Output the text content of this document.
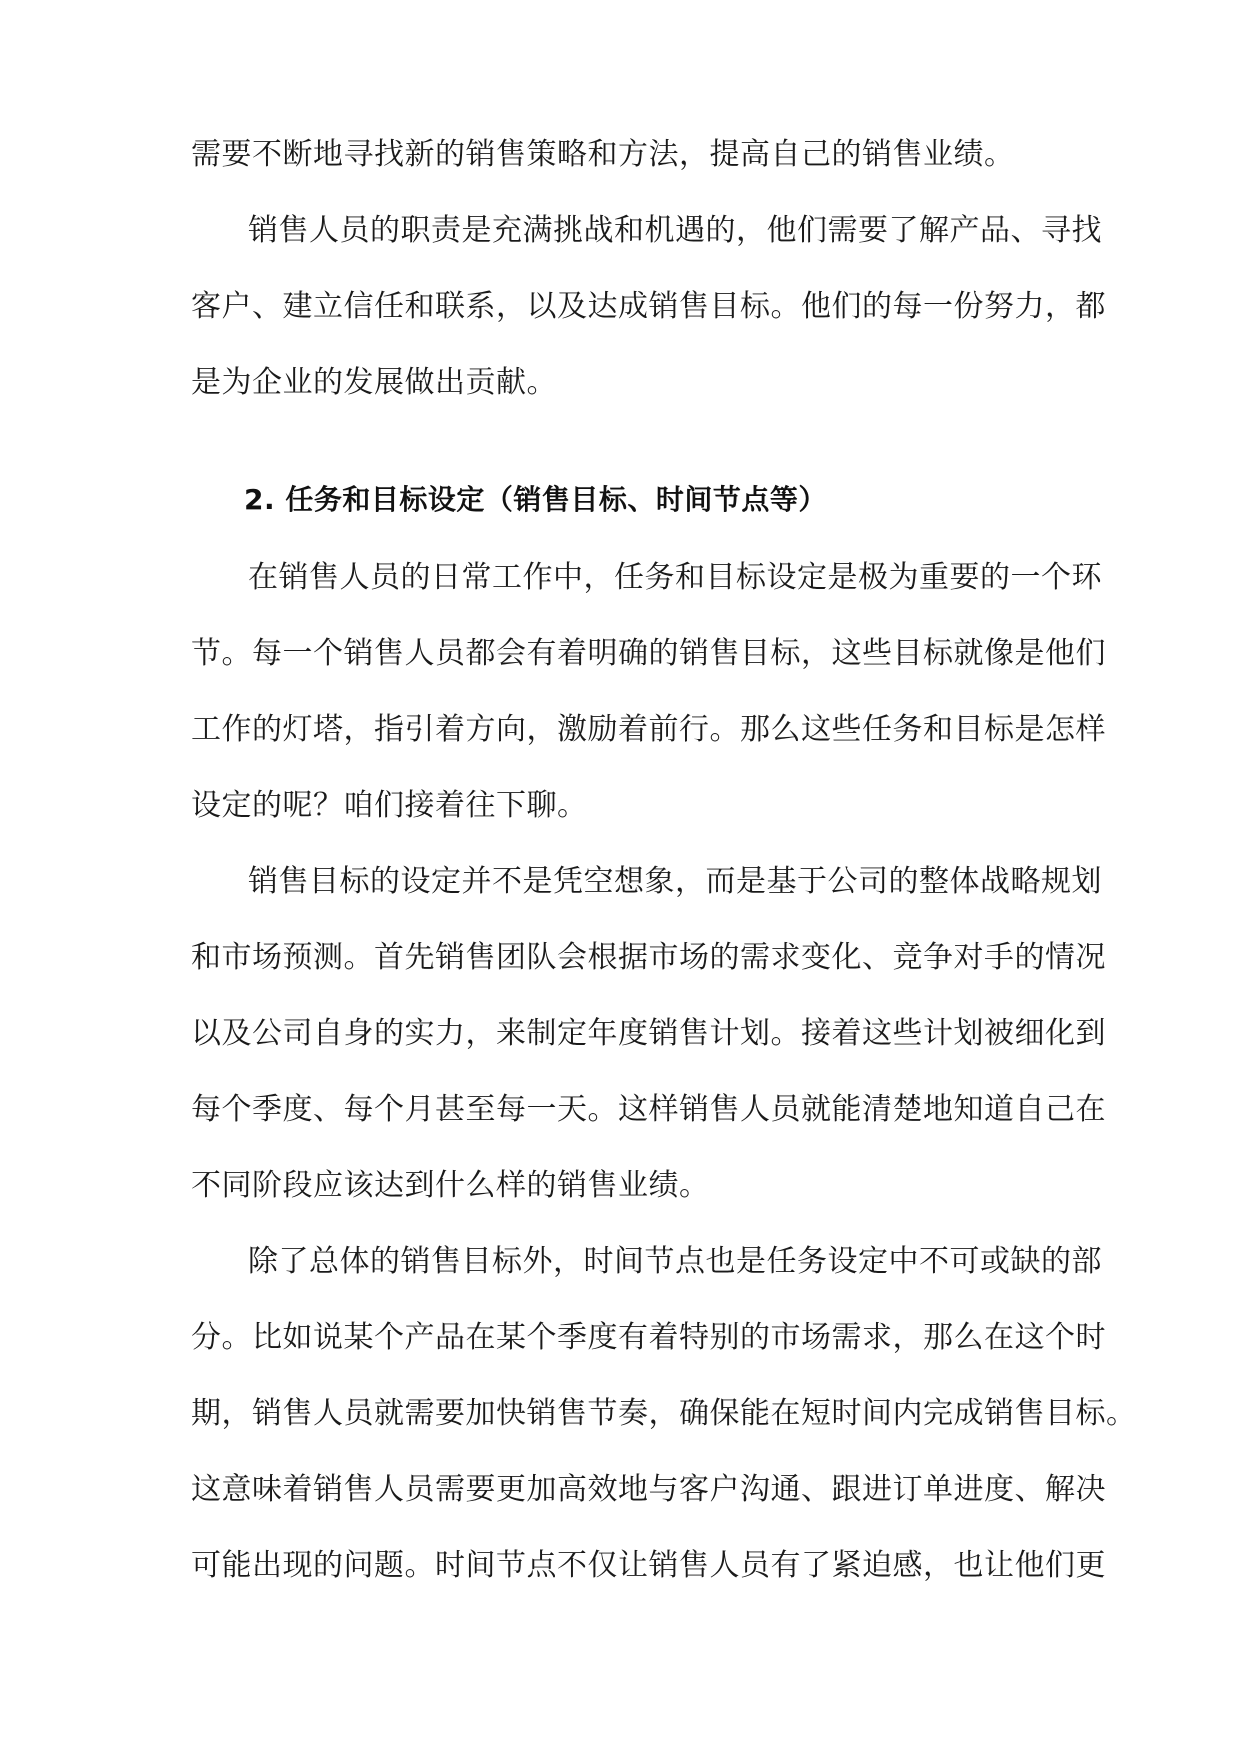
需要不断地寻找新的销售策略和方法，提高自己的销售业绩。
销售人员的职责是充满挑战和机遇的，他们需要了解产品、寻找
客户、建立信任和联系，以及达成销售目标。他们的每一份努力，都
是为企业的发展做出贡献。
2. 任务和目标设定（销售目标、时间节点等）
在销售人员的日常工作中，任务和目标设定是极为重要的一个环
节。每一个销售人员都会有着明确的销售目标，这些目标就像是他们
工作的灯塔，指引着方向，激励着前行。那么这些任务和目标是怎样
设定的呢？咱们接着往下聊。
销售目标的设定并不是凭空想象，而是基于公司的整体战略规划
和市场预测。首先销售团队会根据市场的需求变化、竞争对手的情况
以及公司自身的实力，来制定年度销售计划。接着这些计划被细化到
每个季度、每个月甚至每一天。这样销售人员就能清楚地知道自己在
不同阶段应该达到什么样的销售业绩。
除了总体的销售目标外，时间节点也是任务设定中不可或缺的部
分。比如说某个产品在某个季度有着特别的市场需求，那么在这个时
期，销售人员就需要加快销售节奏，确保能在短时间内完成销售目标。
这意味着销售人员需要更加高效地与客户沟通、跟进订单进度、解决
可能出现的问题。时间节点不仅让销售人员有了紧迫感，也让他们更
